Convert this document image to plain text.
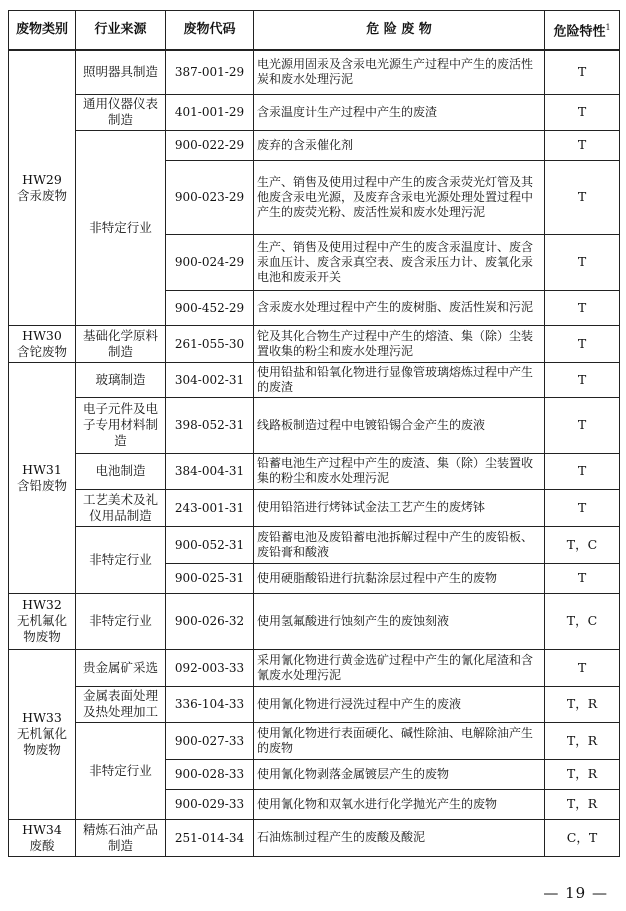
废物类别	行业来源	废物代码	危 险 废 物	危险特性$^1$

HW29
含汞废物	照明器具制造	387-001-29	电光源用固汞及含汞电光源生产过程中产生的废活性炭和废水处理污泥	T
	通用仪器仪表制造	401-001-29	含汞温度计生产过程中产生的废渣	T
	非特定行业	900-022-29	废弃的含汞催化剂	T
		900-023-29	生产、销售及使用过程中产生的废含汞荧光灯管及其他废含汞电光源，及废弃含汞电光源处理处置过程中产生的废荧光粉、废活性炭和废水处理污泥	T
		900-024-29	生产、销售及使用过程中产生的废含汞温度计、废含汞血压计、废含汞真空表、废含汞压力计、废氧化汞电池和废汞开关	T
		900-452-29	含汞废水处理过程中产生的废树脂、废活性炭和污泥	T

HW30
含铊废物	基础化学原料制造	261-055-30	铊及其化合物生产过程中产生的熔渣、集（除）尘装置收集的粉尘和废水处理污泥	T

HW31
含铅废物	玻璃制造	304-002-31	使用铅盐和铅氧化物进行显像管玻璃熔炼过程中产生的废渣	T
	电子元件及电子专用材料制造	398-052-31	线路板制造过程中电镀铅锡合金产生的废液	T
	电池制造	384-004-31	铅蓄电池生产过程中产生的废渣、集（除）尘装置收集的粉尘和废水处理污泥	T
	工艺美术及礼仪用品制造	243-001-31	使用铅箔进行烤钵试金法工艺产生的废烤钵	T
	非特定行业	900-052-31	废铅蓄电池及废铅蓄电池拆解过程中产生的废铅板、废铅膏和酸液	T，C
		900-025-31	使用硬脂酸铅进行抗黏涂层过程中产生的废物	T

HW32
无机氟化物废物	非特定行业	900-026-32	使用氢氟酸进行蚀刻产生的废蚀刻液	T，C

HW33
无机氰化物废物	贵金属矿采选	092-003-33	采用氰化物进行黄金选矿过程中产生的氰化尾渣和含氰废水处理污泥	T
	金属表面处理及热处理加工	336-104-33	使用氰化物进行浸洗过程中产生的废液	T，R
	非特定行业	900-027-33	使用氰化物进行表面硬化、碱性除油、电解除油产生的废物	T，R
		900-028-33	使用氰化物剥落金属镀层产生的废物	T，R
		900-029-33	使用氰化物和双氧水进行化学抛光产生的废物	T，R

HW34
废酸	精炼石油产品制造	251-014-34	石油炼制过程产生的废酸及酸泥	C，T
— 19 —
